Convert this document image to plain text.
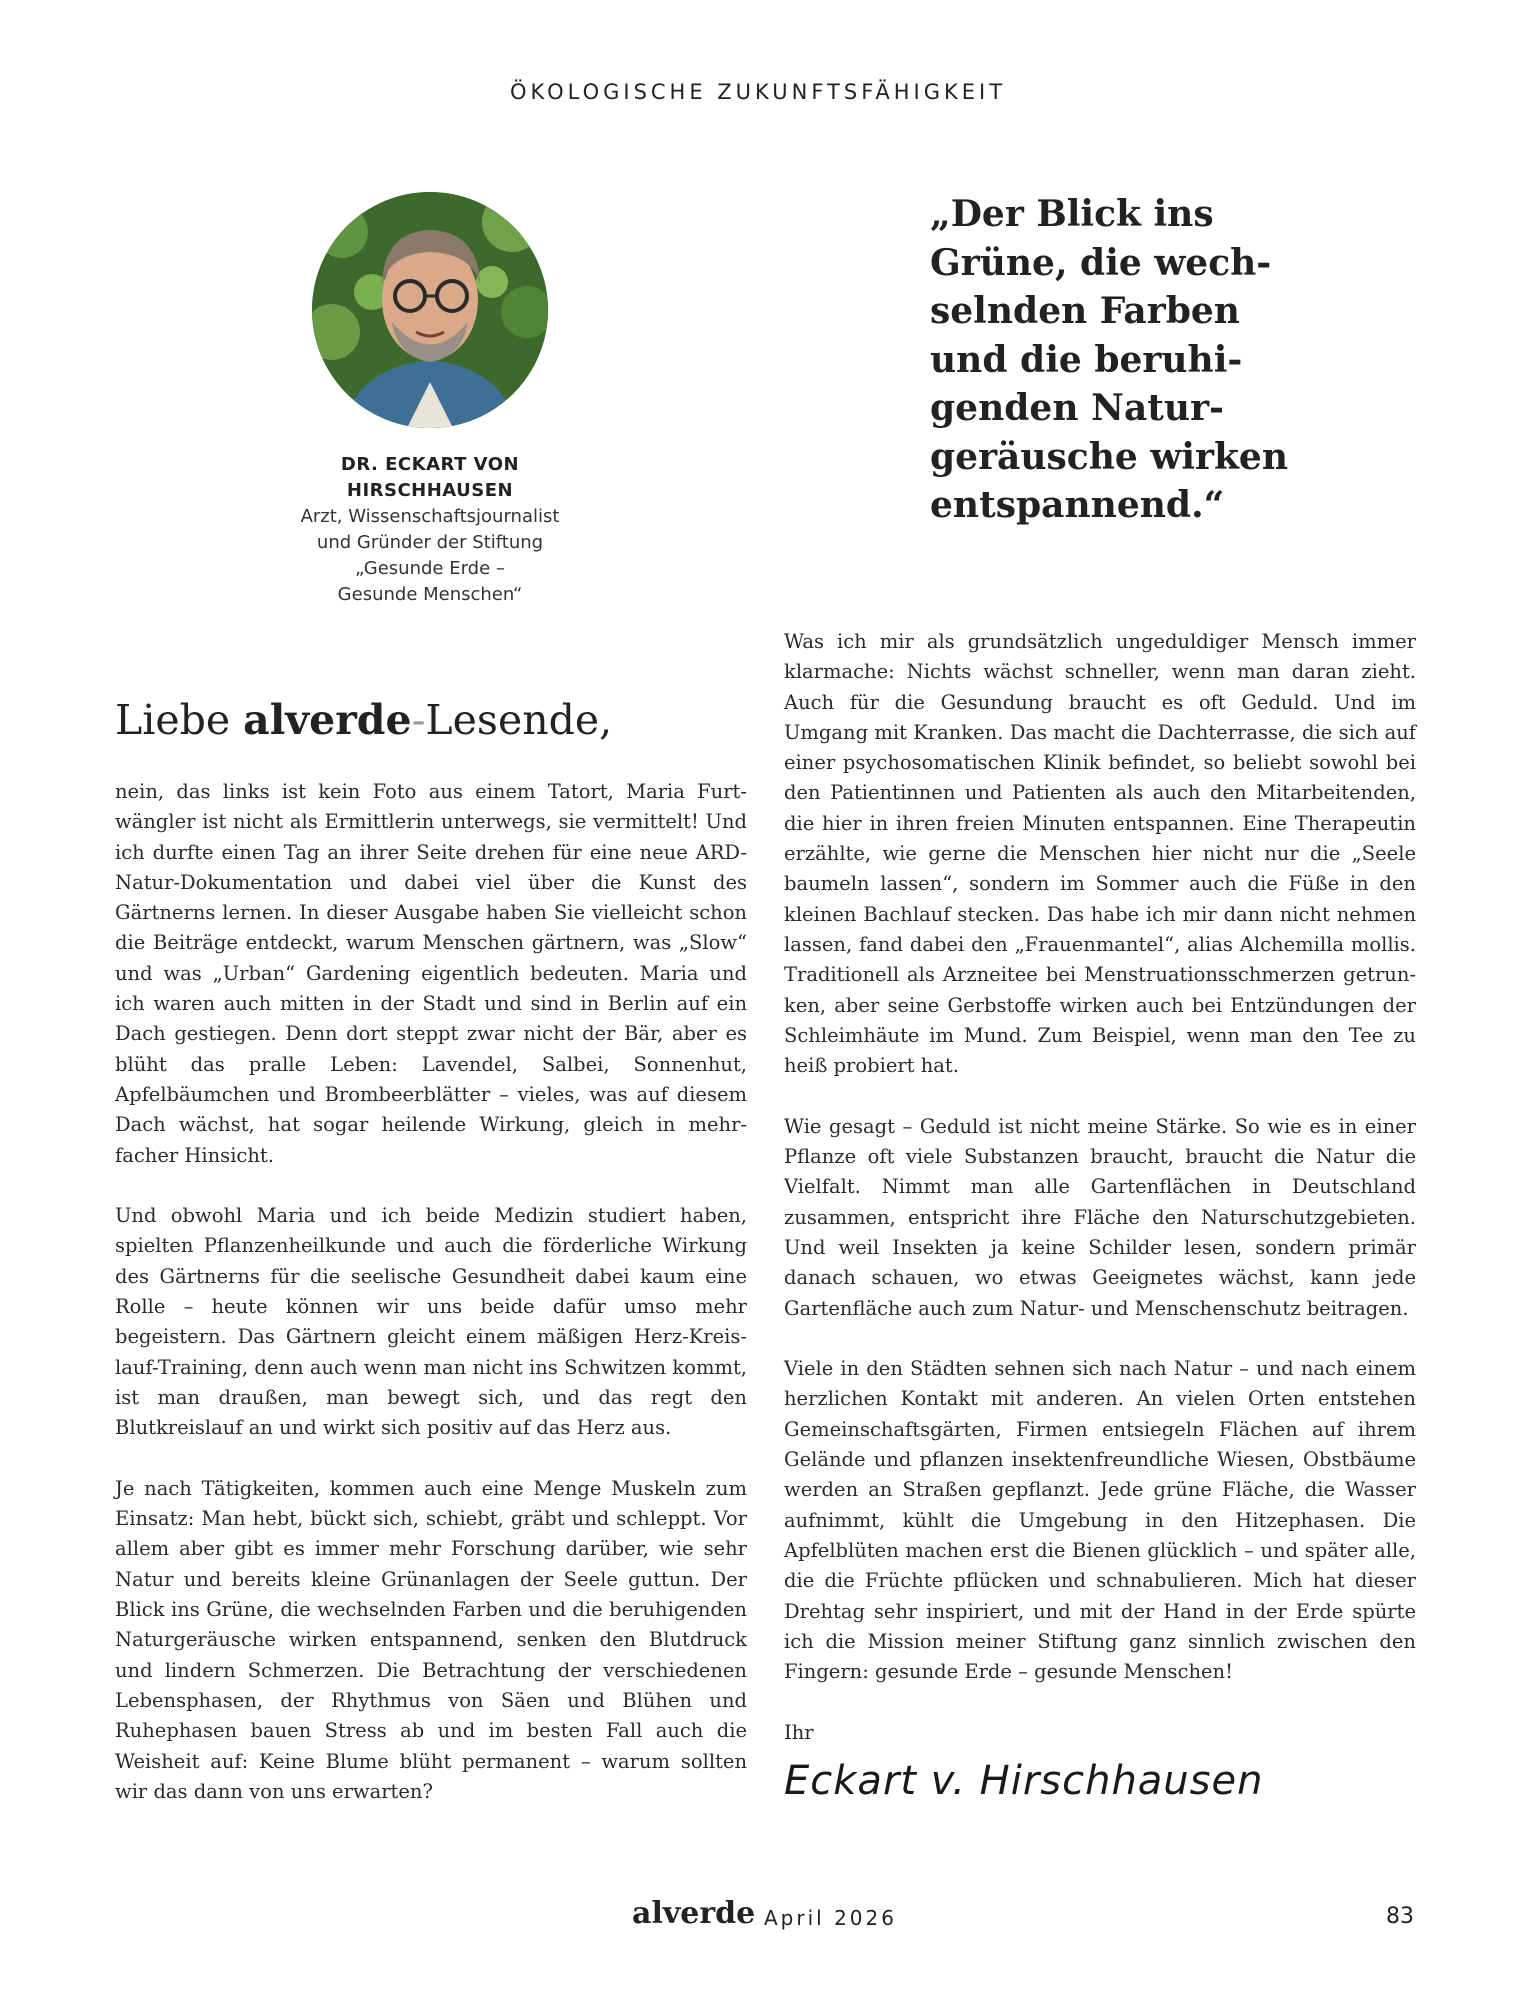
ÖKOLOGISCHE ZUKUNFTSFÄHIGKEIT
DR. ECKART VON
HIRSCHHAUSEN
Arzt, Wissenschaftsjournalist
und Gründer der Stiftung
„Gesunde Erde –
Gesunde Menschen“
„Der Blick ins
Grüne, die wech-
selnden Farben
und die beruhi-
genden Natur-
geräusche wirken
entspannend.“
Liebe alverde-Lesende,

nein, das links ist kein Foto aus einem Tatort, Maria Furtwängler ist nicht als Ermittlerin unterwegs, sie vermittelt! Und ich durfte einen Tag an ihrer Seite drehen für eine neue ARD-Natur-Dokumentation und dabei viel über die Kunst des Gärtnerns lernen. In dieser Ausgabe haben Sie vielleicht schon die Beiträge entdeckt, warum Menschen gärtnern, was „Slow“ und was „Urban“ Gardening eigentlich bedeuten. Maria und ich waren auch mitten in der Stadt und sind in Berlin auf ein Dach gestiegen. Denn dort steppt zwar nicht der Bär, aber es blüht das pralle Leben: Lavendel, Salbei, Sonnenhut, Apfelbäumchen und Brombeerblätter – vieles, was auf diesem Dach wächst, hat sogar heilende Wirkung, gleich in mehrfacher Hinsicht.

Und obwohl Maria und ich beide Medizin studiert haben, spielten Pflanzenheilkunde und auch die förderliche Wirkung des Gärtnerns für die seelische Gesundheit dabei kaum eine Rolle – heute können wir uns beide dafür umso mehr begeistern. Das Gärtnern gleicht einem mäßigen Herz-Kreislauf-Training, denn auch wenn man nicht ins Schwitzen kommt, ist man draußen, man bewegt sich, und das regt den Blutkreislauf an und wirkt sich positiv auf das Herz aus.

Je nach Tätigkeiten, kommen auch eine Menge Muskeln zum Einsatz: Man hebt, bückt sich, schiebt, gräbt und schleppt. Vor allem aber gibt es immer mehr Forschung darüber, wie sehr Natur und bereits kleine Grünanlagen der Seele guttun. Der Blick ins Grüne, die wechselnden Farben und die beruhigenden Naturgeräusche wirken entspannend, senken den Blutdruck und lindern Schmerzen. Die Betrachtung der verschiedenen Lebensphasen, der Rhythmus von Säen und Blühen und Ruhephasen bauen Stress ab und im besten Fall auch die Weisheit auf: Keine Blume blüht permanent – warum sollten wir das dann von uns erwarten?

Was ich mir als grundsätzlich ungeduldiger Mensch immer klarmache: Nichts wächst schneller, wenn man daran zieht. Auch für die Gesundung braucht es oft Geduld. Und im Umgang mit Kranken. Das macht die Dachterrasse, die sich auf einer psychosomatischen Klinik befindet, so beliebt sowohl bei den Patientinnen und Patienten als auch den Mitarbeitenden, die hier in ihren freien Minuten entspannen. Eine Therapeutin erzählte, wie gerne die Menschen hier nicht nur die „Seele baumeln lassen“, sondern im Sommer auch die Füße in den kleinen Bachlauf stecken. Das habe ich mir dann nicht nehmen lassen, fand dabei den „Frauenmantel“, alias Alchemilla mollis. Traditionell als Arzneitee bei Menstruationsschmerzen getrunken, aber seine Gerbstoffe wirken auch bei Entzündungen der Schleimhäute im Mund. Zum Beispiel, wenn man den Tee zu heiß probiert hat.

Wie gesagt – Geduld ist nicht meine Stärke. So wie es in einer Pflanze oft viele Substanzen braucht, braucht die Natur die Vielfalt. Nimmt man alle Gartenflächen in Deutschland zusammen, entspricht ihre Fläche den Naturschutzgebieten. Und weil Insekten ja keine Schilder lesen, sondern primär danach schauen, wo etwas Geeignetes wächst, kann jede Gartenfläche auch zum Natur- und Menschenschutz beitragen.

Viele in den Städten sehnen sich nach Natur – und nach einem herzlichen Kontakt mit anderen. An vielen Orten entstehen Gemeinschaftsgärten, Firmen entsiegeln Flächen auf ihrem Gelände und pflanzen insektenfreundliche Wiesen, Obstbäume werden an Straßen gepflanzt. Jede grüne Fläche, die Wasser aufnimmt, kühlt die Umgebung in den Hitzephasen. Die Apfelblüten machen erst die Bienen glücklich – und später alle, die die Früchte pflücken und schnabulieren. Mich hat dieser Drehtag sehr inspiriert, und mit der Hand in der Erde spürte ich die Mission meiner Stiftung ganz sinnlich zwischen den Fingern: gesunde Erde – gesunde Menschen!

Ihr

Eckart v. Hirschhausen
alverde April 2026	83
